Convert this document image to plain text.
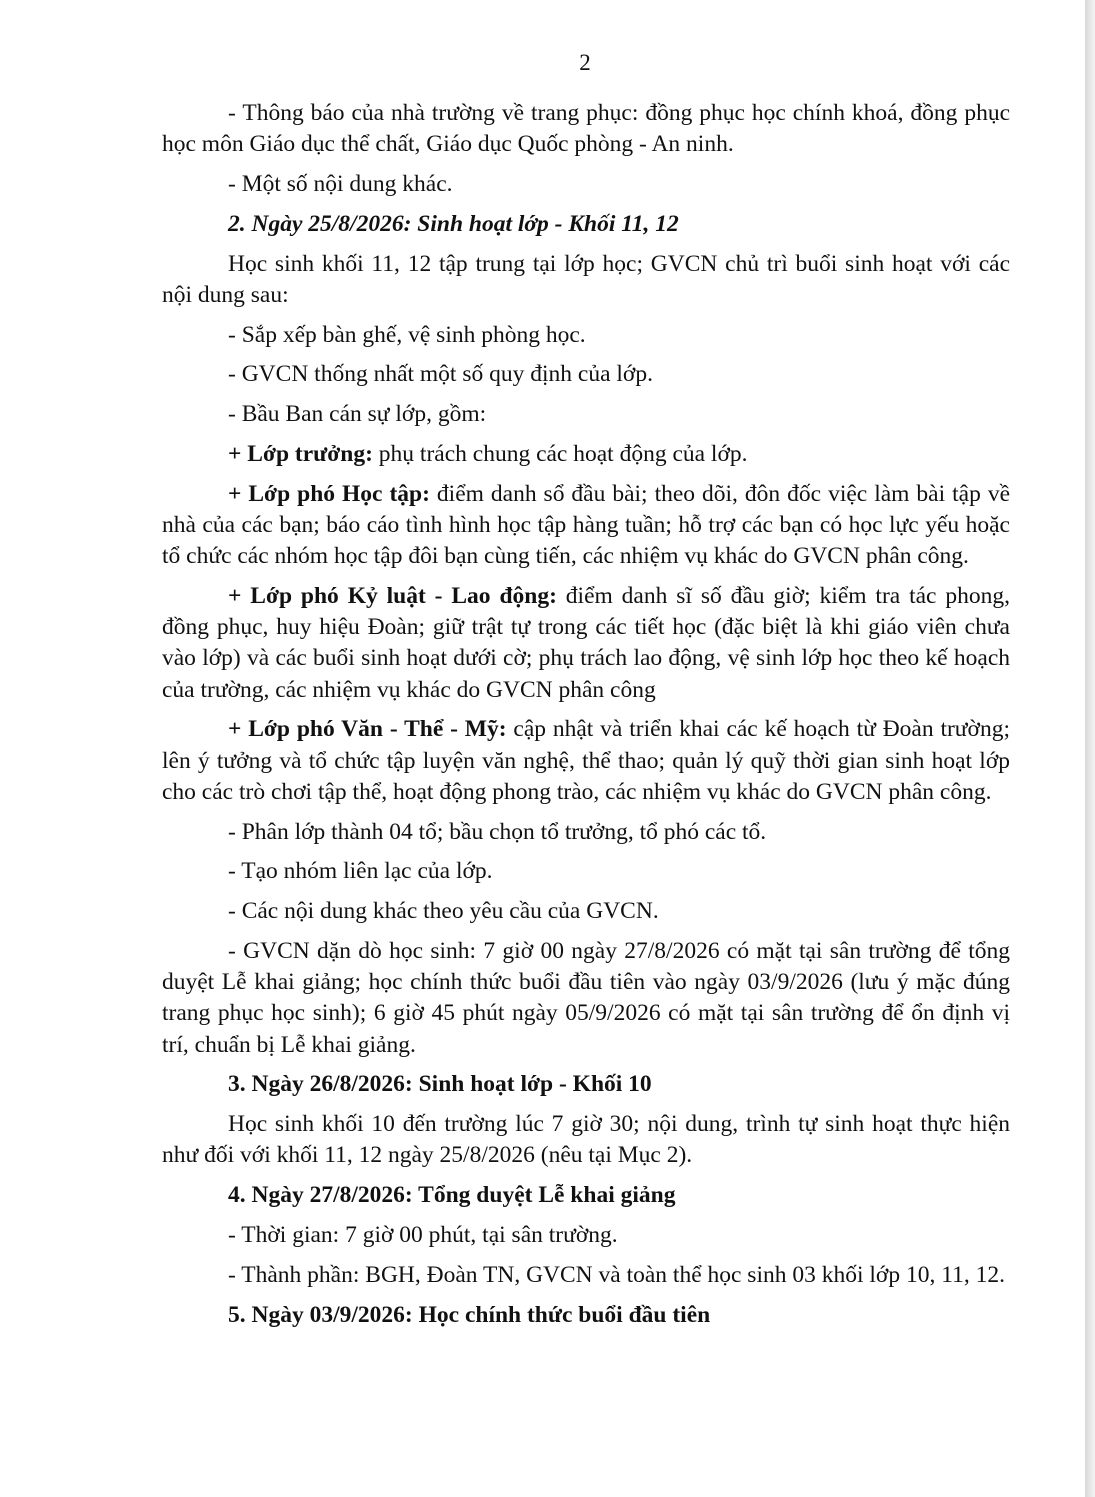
2

- Thông báo của nhà trường về trang phục: đồng phục học chính khoá, đồng phục học môn Giáo dục thể chất, Giáo dục Quốc phòng - An ninh.

- Một số nội dung khác.

2. Ngày 25/8/2026: Sinh hoạt lớp - Khối 11, 12

Học sinh khối 11, 12 tập trung tại lớp học; GVCN chủ trì buổi sinh hoạt với các nội dung sau:

- Sắp xếp bàn ghế, vệ sinh phòng học.

- GVCN thống nhất một số quy định của lớp.

- Bầu Ban cán sự lớp, gồm:

+ Lớp trưởng: phụ trách chung các hoạt động của lớp.

+ Lớp phó Học tập: điểm danh sổ đầu bài; theo dõi, đôn đốc việc làm bài tập về nhà của các bạn; báo cáo tình hình học tập hàng tuần; hỗ trợ các bạn có học lực yếu hoặc tổ chức các nhóm học tập đôi bạn cùng tiến, các nhiệm vụ khác do GVCN phân công.

+ Lớp phó Kỷ luật - Lao động: điểm danh sĩ số đầu giờ; kiểm tra tác phong, đồng phục, huy hiệu Đoàn; giữ trật tự trong các tiết học (đặc biệt là khi giáo viên chưa vào lớp) và các buổi sinh hoạt dưới cờ; phụ trách lao động, vệ sinh lớp học theo kế hoạch của trường, các nhiệm vụ khác do GVCN phân công

+ Lớp phó Văn - Thể - Mỹ: cập nhật và triển khai các kế hoạch từ Đoàn trường; lên ý tưởng và tổ chức tập luyện văn nghệ, thể thao; quản lý quỹ thời gian sinh hoạt lớp cho các trò chơi tập thể, hoạt động phong trào, các nhiệm vụ khác do GVCN phân công.

- Phân lớp thành 04 tổ; bầu chọn tổ trưởng, tổ phó các tổ.

- Tạo nhóm liên lạc của lớp.

- Các nội dung khác theo yêu cầu của GVCN.

- GVCN dặn dò học sinh: 7 giờ 00 ngày 27/8/2026 có mặt tại sân trường để tổng duyệt Lễ khai giảng; học chính thức buổi đầu tiên vào ngày 03/9/2026 (lưu ý mặc đúng trang phục học sinh); 6 giờ 45 phút ngày 05/9/2026 có mặt tại sân trường để ổn định vị trí, chuẩn bị Lễ khai giảng.

3. Ngày 26/8/2026: Sinh hoạt lớp - Khối 10

Học sinh khối 10 đến trường lúc 7 giờ 30; nội dung, trình tự sinh hoạt thực hiện như đối với khối 11, 12 ngày 25/8/2026 (nêu tại Mục 2).

4. Ngày 27/8/2026: Tổng duyệt Lễ khai giảng

- Thời gian: 7 giờ 00 phút, tại sân trường.

- Thành phần: BGH, Đoàn TN, GVCN và toàn thể học sinh 03 khối lớp 10, 11, 12.

5. Ngày 03/9/2026: Học chính thức buổi đầu tiên
